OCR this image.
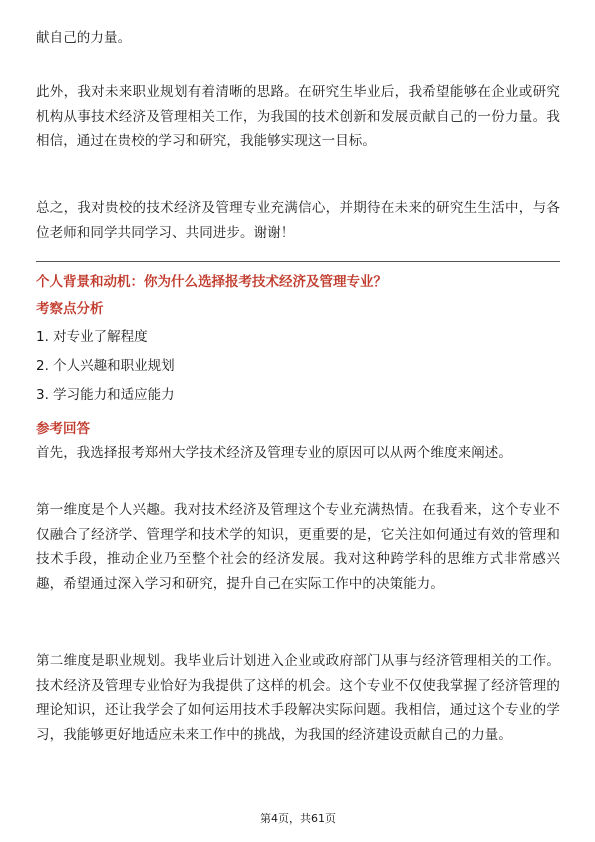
献自己的力量。

此外，我对未来职业规划有着清晰的思路。在研究生毕业后，我希望能够在企业或研究机构从事技术经济及管理相关工作，为我国的技术创新和发展贡献自己的一份力量。我相信，通过在贵校的学习和研究，我能够实现这一目标。

总之，我对贵校的技术经济及管理专业充满信心，并期待在未来的研究生生活中，与各位老师和同学共同学习、共同进步。谢谢！

个人背景和动机：你为什么选择报考技术经济及管理专业？

考察点分析

1. 对专业了解程度

2. 个人兴趣和职业规划

3. 学习能力和适应能力

参考回答

首先，我选择报考郑州大学技术经济及管理专业的原因可以从两个维度来阐述。

第一维度是个人兴趣。我对技术经济及管理这个专业充满热情。在我看来，这个专业不仅融合了经济学、管理学和技术学的知识，更重要的是，它关注如何通过有效的管理和技术手段，推动企业乃至整个社会的经济发展。我对这种跨学科的思维方式非常感兴趣，希望通过深入学习和研究，提升自己在实际工作中的决策能力。

第二维度是职业规划。我毕业后计划进入企业或政府部门从事与经济管理相关的工作。技术经济及管理专业恰好为我提供了这样的机会。这个专业不仅使我掌握了经济管理的理论知识，还让我学会了如何运用技术手段解决实际问题。我相信，通过这个专业的学习，我能够更好地适应未来工作中的挑战，为我国的经济建设贡献自己的力量。

第4页，共61页
